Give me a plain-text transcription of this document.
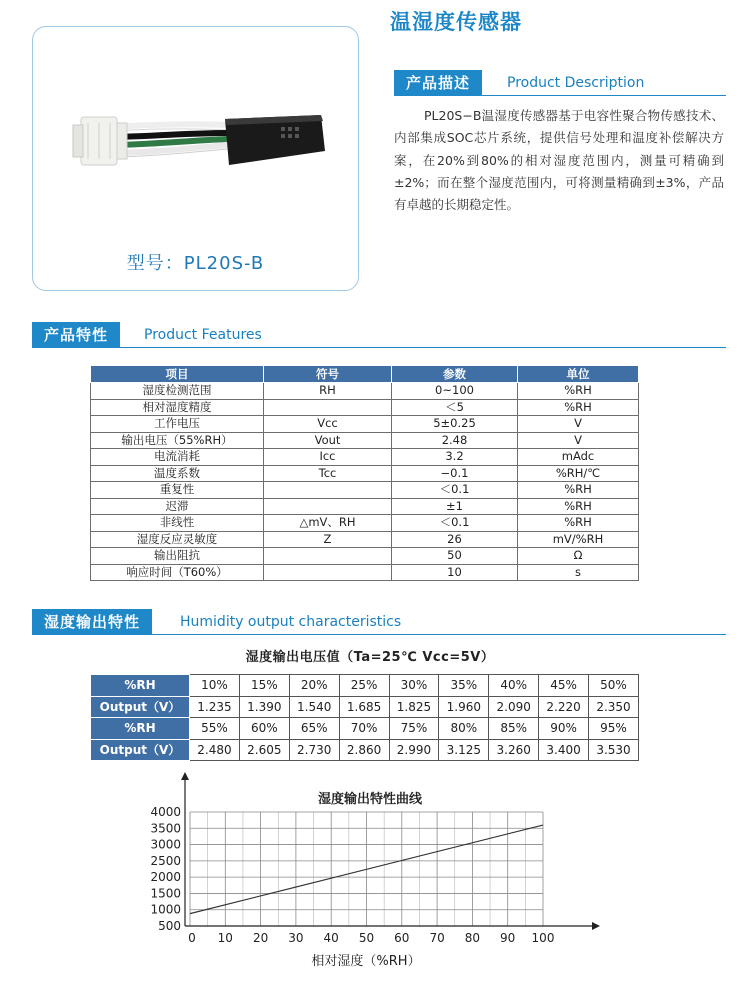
温湿度传感器
型号：PL20S-B
产品描述	Product Description
PL20S−B温湿度传感器基于电容性聚合物传感技术、内部集成SOC芯片系统，提供信号处理和温度补偿解决方案，在20%到80%的相对湿度范围内，测量可精确到±2%；而在整个湿度范围内，可将测量精确到±3%，产品有卓越的长期稳定性。
产品特性	Product Features
项目	符号	参数	单位
湿度检测范围	RH	0~100	%RH
相对湿度精度		＜5	%RH
工作电压	Vcc	5±0.25	V
输出电压（55%RH）	Vout	2.48	V
电流消耗	Icc	3.2	mAdc
温度系数	Tcc	−0.1	%RH/℃
重复性		＜0.1	%RH
迟滞		±1	%RH
非线性	△mV、RH	＜0.1	%RH
湿度反应灵敏度	Z	26	mV/%RH
输出阻抗		50	Ω
响应时间（T60%）		10	s
湿度输出特性	Humidity output characteristics
湿度输出电压值（Ta=25℃ Vcc=5V）
%RH	10%	15%	20%	25%	30%	35%	40%	45%	50%
Output（V）	1.235	1.390	1.540	1.685	1.825	1.960	2.090	2.220	2.350
%RH	55%	60%	65%	70%	75%	80%	85%	90%	95%
Output（V）	2.480	2.605	2.730	2.860	2.990	3.125	3.260	3.400	3.530
湿度输出特性曲线
0 10 20 30 40 50 60 70 80 90 100
500
1000
1500
2000
2500
3000
3500
4000
相对湿度（%RH）
